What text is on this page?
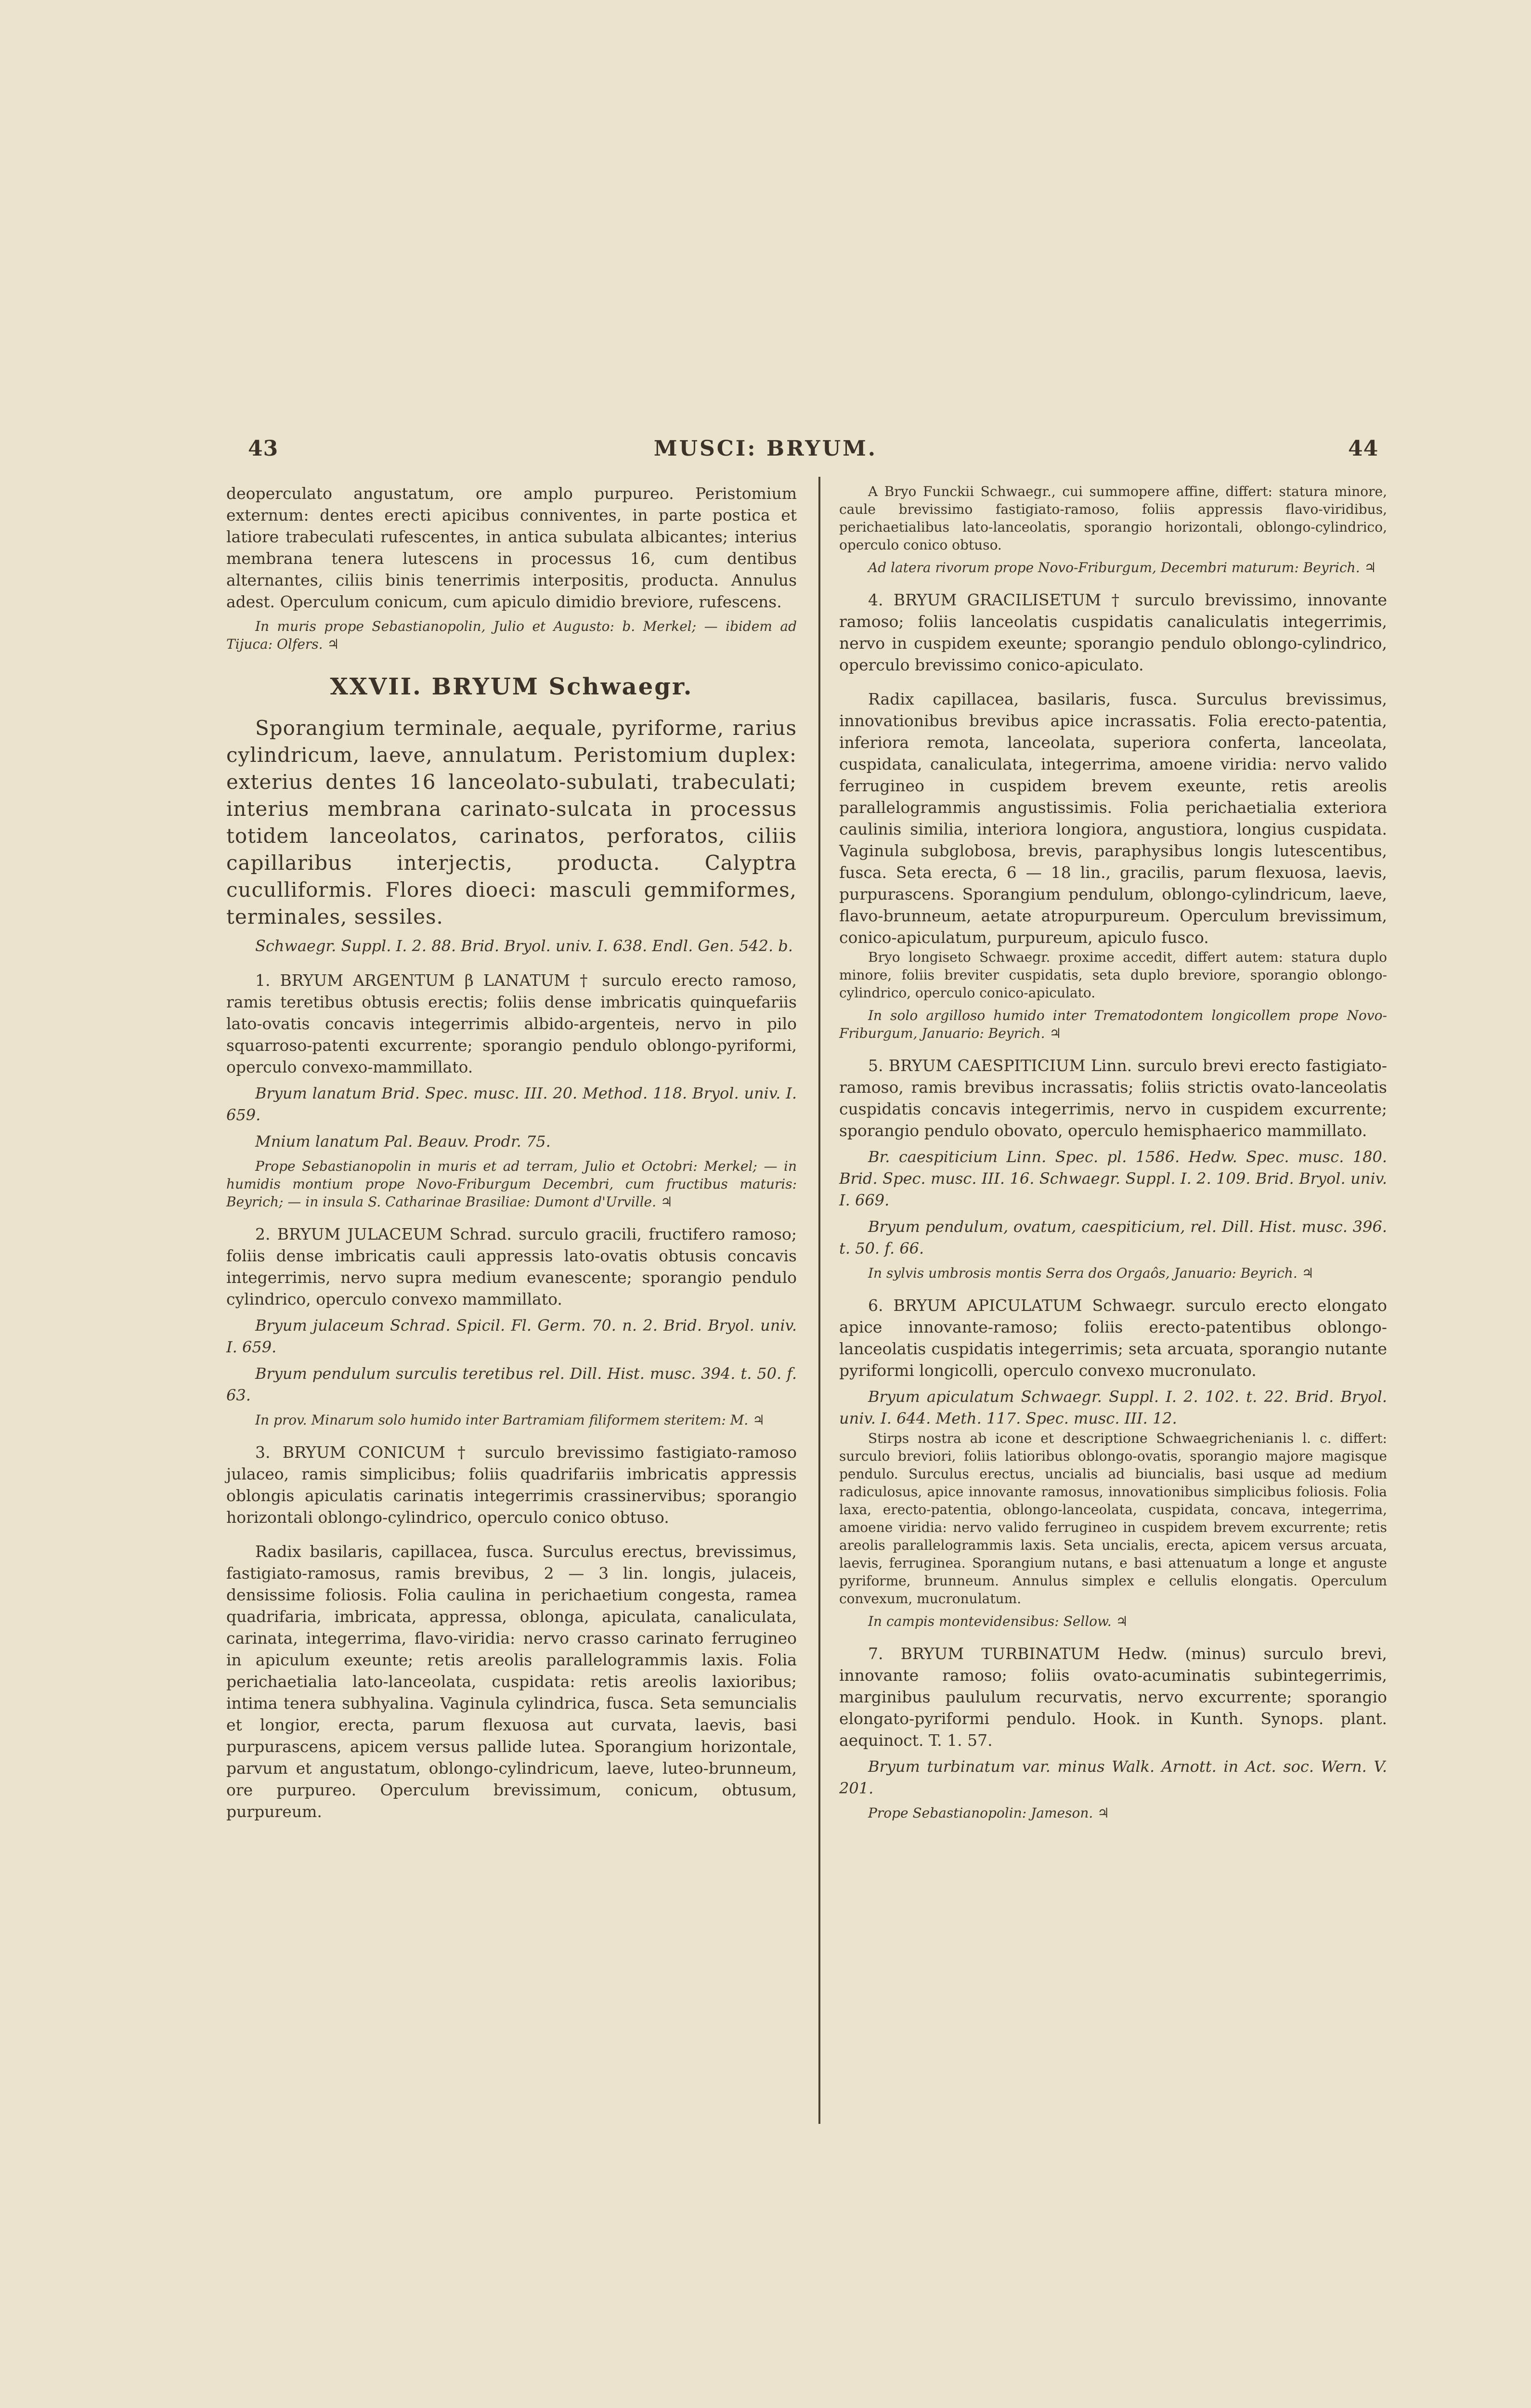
43	MUSCI: BRYUM.	44

deoperculato angustatum, ore amplo purpureo. Peristomium externum: dentes erecti apicibus conniventes, in parte postica et latiore trabeculati rufescentes, in antica subulata albicantes; interius membrana tenera lutescens in processus 16, cum dentibus alternantes, ciliis binis tenerrimis interpositis, producta. Annulus adest. Operculum conicum, cum apiculo dimidio breviore, rufescens.

In muris prope Sebastianopolin, Julio et Augusto: b. Merkel; — ibidem ad Tijuca: Olfers. ♃

XXVII. BRYUM Schwaegr.

Sporangium terminale, aequale, pyriforme, rarius cylindricum, laeve, annulatum. Peristomium duplex: exterius dentes 16 lanceolato-subulati, trabeculati; interius membrana carinato-sulcata in processus totidem lanceolatos, carinatos, perforatos, ciliis capillaribus interjectis, producta. Calyptra cuculliformis. Flores dioeci: masculi gemmiformes, terminales, sessiles.

Schwaegr. Suppl. I. 2. 88. Brid. Bryol. univ. I. 638. Endl. Gen. 542. b.

1. BRYUM ARGENTUM β LANATUM † surculo erecto ramoso, ramis teretibus obtusis erectis; foliis dense imbricatis quinquefariis lato-ovatis concavis integerrimis albido-argenteis, nervo in pilo squarroso-patenti excurrente; sporangio pendulo oblongo-pyriformi, operculo convexo-mammillato.

Bryum lanatum Brid. Spec. musc. III. 20. Method. 118. Bryol. univ. I. 659.

Mnium lanatum Pal. Beauv. Prodr. 75.

Prope Sebastianopolin in muris et ad terram, Julio et Octobri: Merkel; — in humidis montium prope Novo-Friburgum Decembri, cum fructibus maturis: Beyrich; — in insula S. Catharinae Brasiliae: Dumont d'Urville. ♃

2. BRYUM JULACEUM Schrad. surculo gracili, fructifero ramoso; foliis dense imbricatis cauli appressis lato-ovatis obtusis concavis integerrimis, nervo supra medium evanescente; sporangio pendulo cylindrico, operculo convexo mammillato.

Bryum julaceum Schrad. Spicil. Fl. Germ. 70. n. 2. Brid. Bryol. univ. I. 659.

Bryum pendulum surculis teretibus rel. Dill. Hist. musc. 394. t. 50. f. 63.

In prov. Minarum solo humido inter Bartramiam filiformem steritem: M. ♃

3. BRYUM CONICUM † surculo brevissimo fastigiato-ramoso julaceo, ramis simplicibus; foliis quadrifariis imbricatis appressis oblongis apiculatis carinatis integerrimis crassinervibus; sporangio horizontali oblongo-cylindrico, operculo conico obtuso.

Radix basilaris, capillacea, fusca. Surculus erectus, brevissimus, fastigiato-ramosus, ramis brevibus, 2 — 3 lin. longis, julaceis, densissime foliosis. Folia caulina in perichaetium congesta, ramea quadrifaria, imbricata, appressa, oblonga, apiculata, canaliculata, carinata, integerrima, flavo-viridia: nervo crasso carinato ferrugineo in apiculum exeunte; retis areolis parallelogrammis laxis. Folia perichaetialia lato-lanceolata, cuspidata: retis areolis laxioribus; intima tenera subhyalina. Vaginula cylindrica, fusca. Seta semuncialis et longior, erecta, parum flexuosa aut curvata, laevis, basi purpurascens, apicem versus pallide lutea. Sporangium horizontale, parvum et angustatum, oblongo-cylindricum, laeve, luteo-brunneum, ore purpureo. Operculum brevissimum, conicum, obtusum, purpureum.

A Bryo Funckii Schwaegr., cui summopere affine, differt: statura minore, caule brevissimo fastigiato-ramoso, foliis appressis flavo-viridibus, perichaetialibus lato-lanceolatis, sporangio horizontali, oblongo-cylindrico, operculo conico obtuso.

Ad latera rivorum prope Novo-Friburgum, Decembri maturum: Beyrich. ♃

4. BRYUM GRACILISETUM † surculo brevissimo, innovante ramoso; foliis lanceolatis cuspidatis canaliculatis integerrimis, nervo in cuspidem exeunte; sporangio pendulo oblongo-cylindrico, operculo brevissimo conico-apiculato.

Radix capillacea, basilaris, fusca. Surculus brevissimus, innovationibus brevibus apice incrassatis. Folia erecto-patentia, inferiora remota, lanceolata, superiora conferta, lanceolata, cuspidata, canaliculata, integerrima, amoene viridia: nervo valido ferrugineo in cuspidem brevem exeunte, retis areolis parallelogrammis angustissimis. Folia perichaetialia exteriora caulinis similia, interiora longiora, angustiora, longius cuspidata. Vaginula subglobosa, brevis, paraphysibus longis lutescentibus, fusca. Seta erecta, 6 — 18 lin., gracilis, parum flexuosa, laevis, purpurascens. Sporangium pendulum, oblongo-cylindricum, laeve, flavo-brunneum, aetate atropurpureum. Operculum brevissimum, conico-apiculatum, purpureum, apiculo fusco.

Bryo longiseto Schwaegr. proxime accedit, differt autem: statura duplo minore, foliis breviter cuspidatis, seta duplo breviore, sporangio oblongo-cylindrico, operculo conico-apiculato.

In solo argilloso humido inter Trematodontem longicollem prope Novo-Friburgum, Januario: Beyrich. ♃

5. BRYUM CAESPITICIUM Linn. surculo brevi erecto fastigiato-ramoso, ramis brevibus incrassatis; foliis strictis ovato-lanceolatis cuspidatis concavis integerrimis, nervo in cuspidem excurrente; sporangio pendulo obovato, operculo hemisphaerico mammillato.

Br. caespiticium Linn. Spec. pl. 1586. Hedw. Spec. musc. 180. Brid. Spec. musc. III. 16. Schwaegr. Suppl. I. 2. 109. Brid. Bryol. univ. I. 669.

Bryum pendulum, ovatum, caespiticium, rel. Dill. Hist. musc. 396. t. 50. f. 66.

In sylvis umbrosis montis Serra dos Orgaôs, Januario: Beyrich. ♃

6. BRYUM APICULATUM Schwaegr. surculo erecto elongato apice innovante-ramoso; foliis erecto-patentibus oblongo-lanceolatis cuspidatis integerrimis; seta arcuata, sporangio nutante pyriformi longicolli, operculo convexo mucronulato.

Bryum apiculatum Schwaegr. Suppl. I. 2. 102. t. 22. Brid. Bryol. univ. I. 644. Meth. 117. Spec. musc. III. 12.

Stirps nostra ab icone et descriptione Schwaegrichenianis l. c. differt: surculo breviori, foliis latioribus oblongo-ovatis, sporangio majore magisque pendulo. Surculus erectus, uncialis ad biuncialis, basi usque ad medium radiculosus, apice innovante ramosus, innovationibus simplicibus foliosis. Folia laxa, erecto-patentia, oblongo-lanceolata, cuspidata, concava, integerrima, amoene viridia: nervo valido ferrugineo in cuspidem brevem excurrente; retis areolis parallelogrammis laxis. Seta uncialis, erecta, apicem versus arcuata, laevis, ferruginea. Sporangium nutans, e basi attenuatum a longe et anguste pyriforme, brunneum. Annulus simplex e cellulis elongatis. Operculum convexum, mucronulatum.

In campis montevidensibus: Sellow. ♃

7. BRYUM TURBINATUM Hedw. (minus) surculo brevi, innovante ramoso; foliis ovato-acuminatis subintegerrimis, marginibus paululum recurvatis, nervo excurrente; sporangio elongato-pyriformi pendulo. Hook. in Kunth. Synops. plant. aequinoct. T. 1. 57.

Bryum turbinatum var. minus Walk. Arnott. in Act. soc. Wern. V. 201.

Prope Sebastianopolin: Jameson. ♃
